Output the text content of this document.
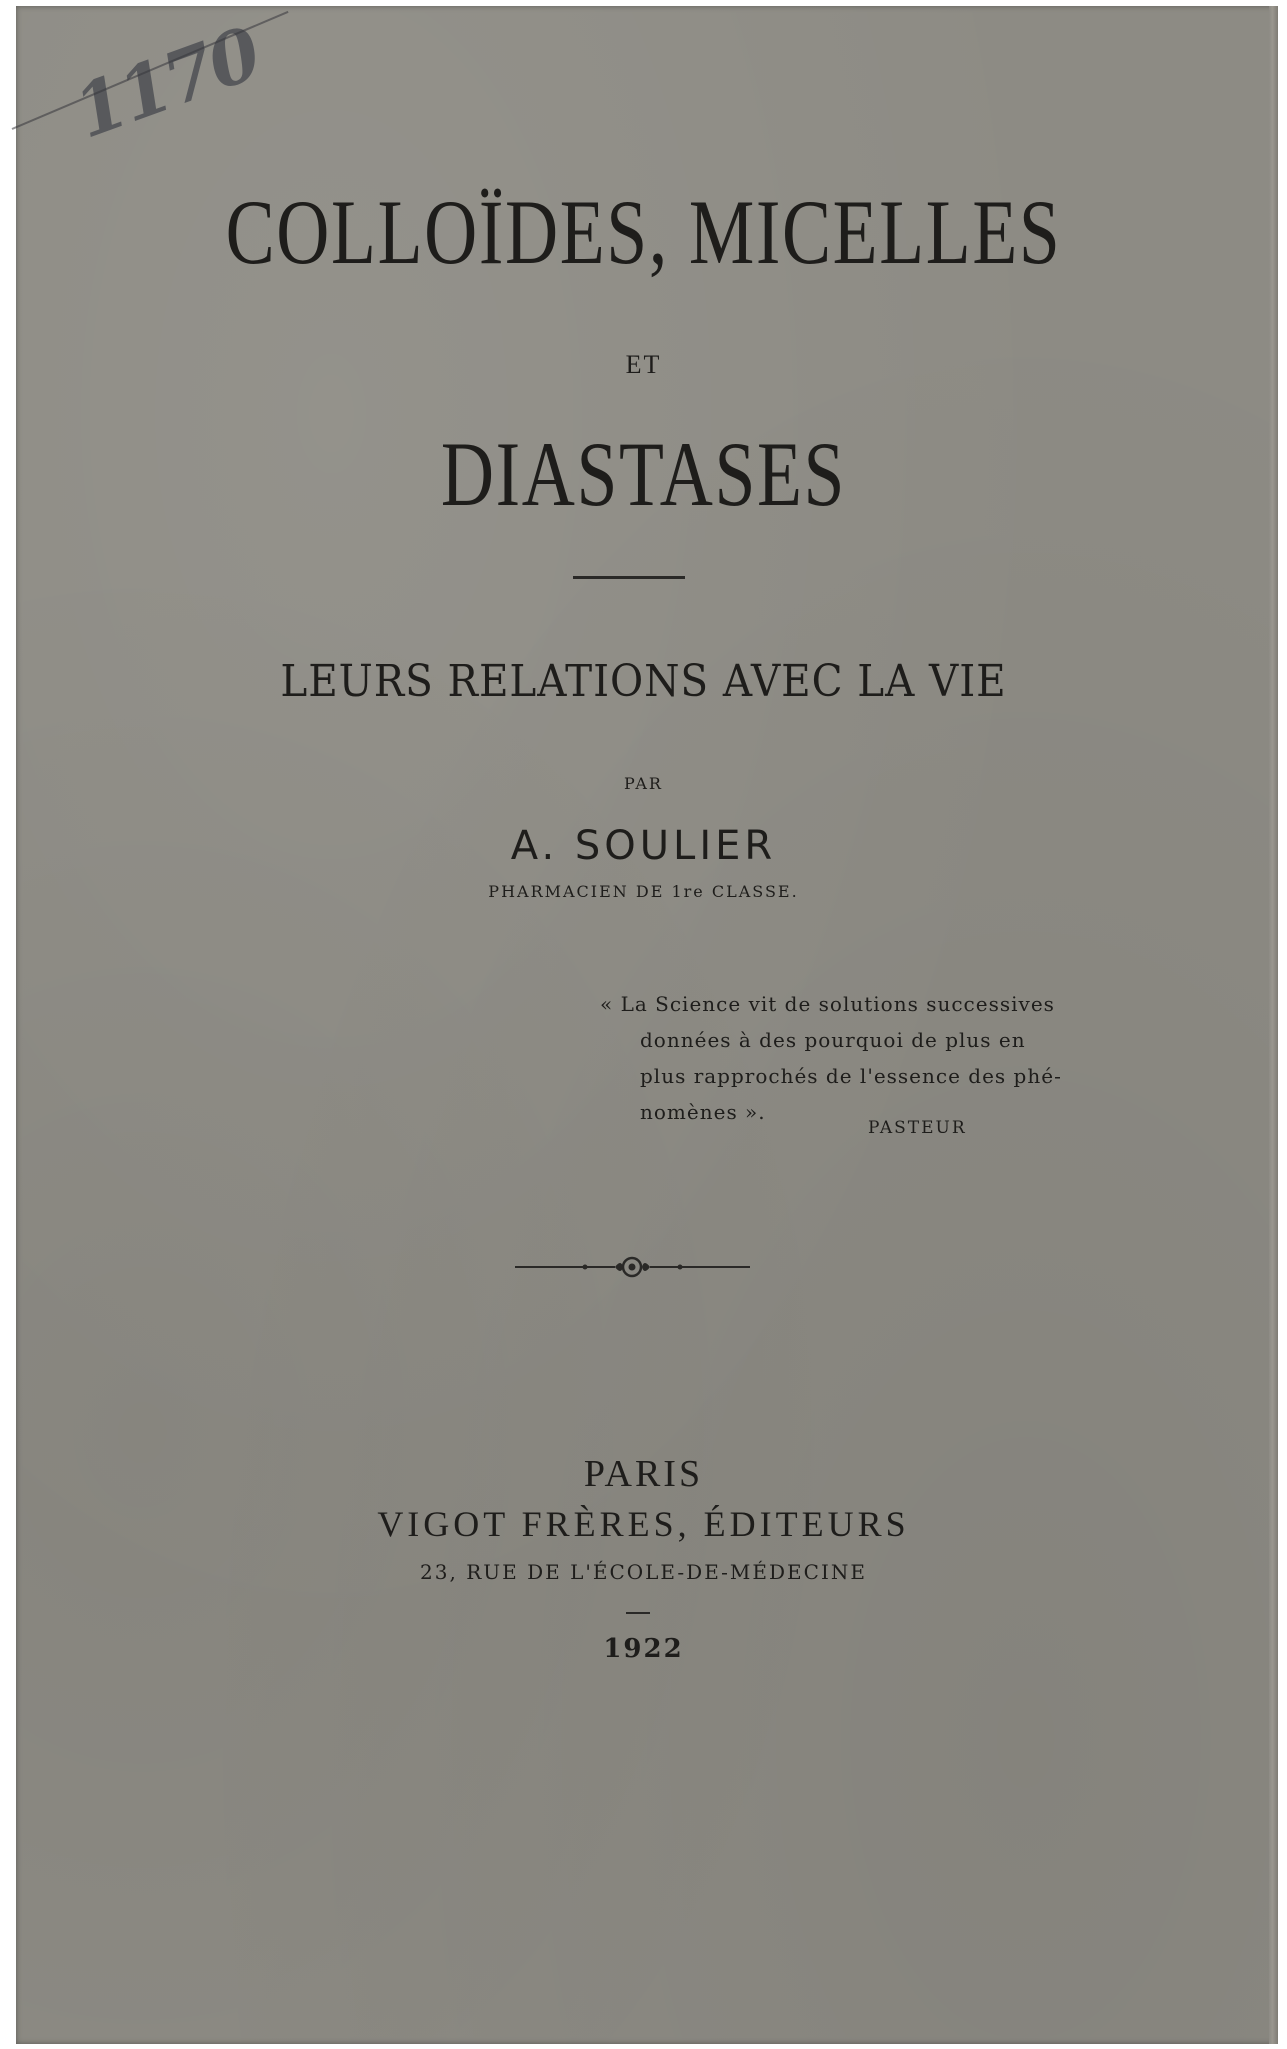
1170
COLLOÏDES, MICELLES
ET
DIASTASES
LEURS RELATIONS AVEC LA VIE
PAR
A. SOULIER
PHARMACIEN DE 1re CLASSE.
« La Science vit de solutions successives
données à des pourquoi de plus en
plus rapprochés de l'essence des phé-
nomènes ».
PASTEUR
PARIS
VIGOT FRÈRES, ÉDITEURS
23, RUE DE L'ÉCOLE-DE-MÉDECINE
1922
